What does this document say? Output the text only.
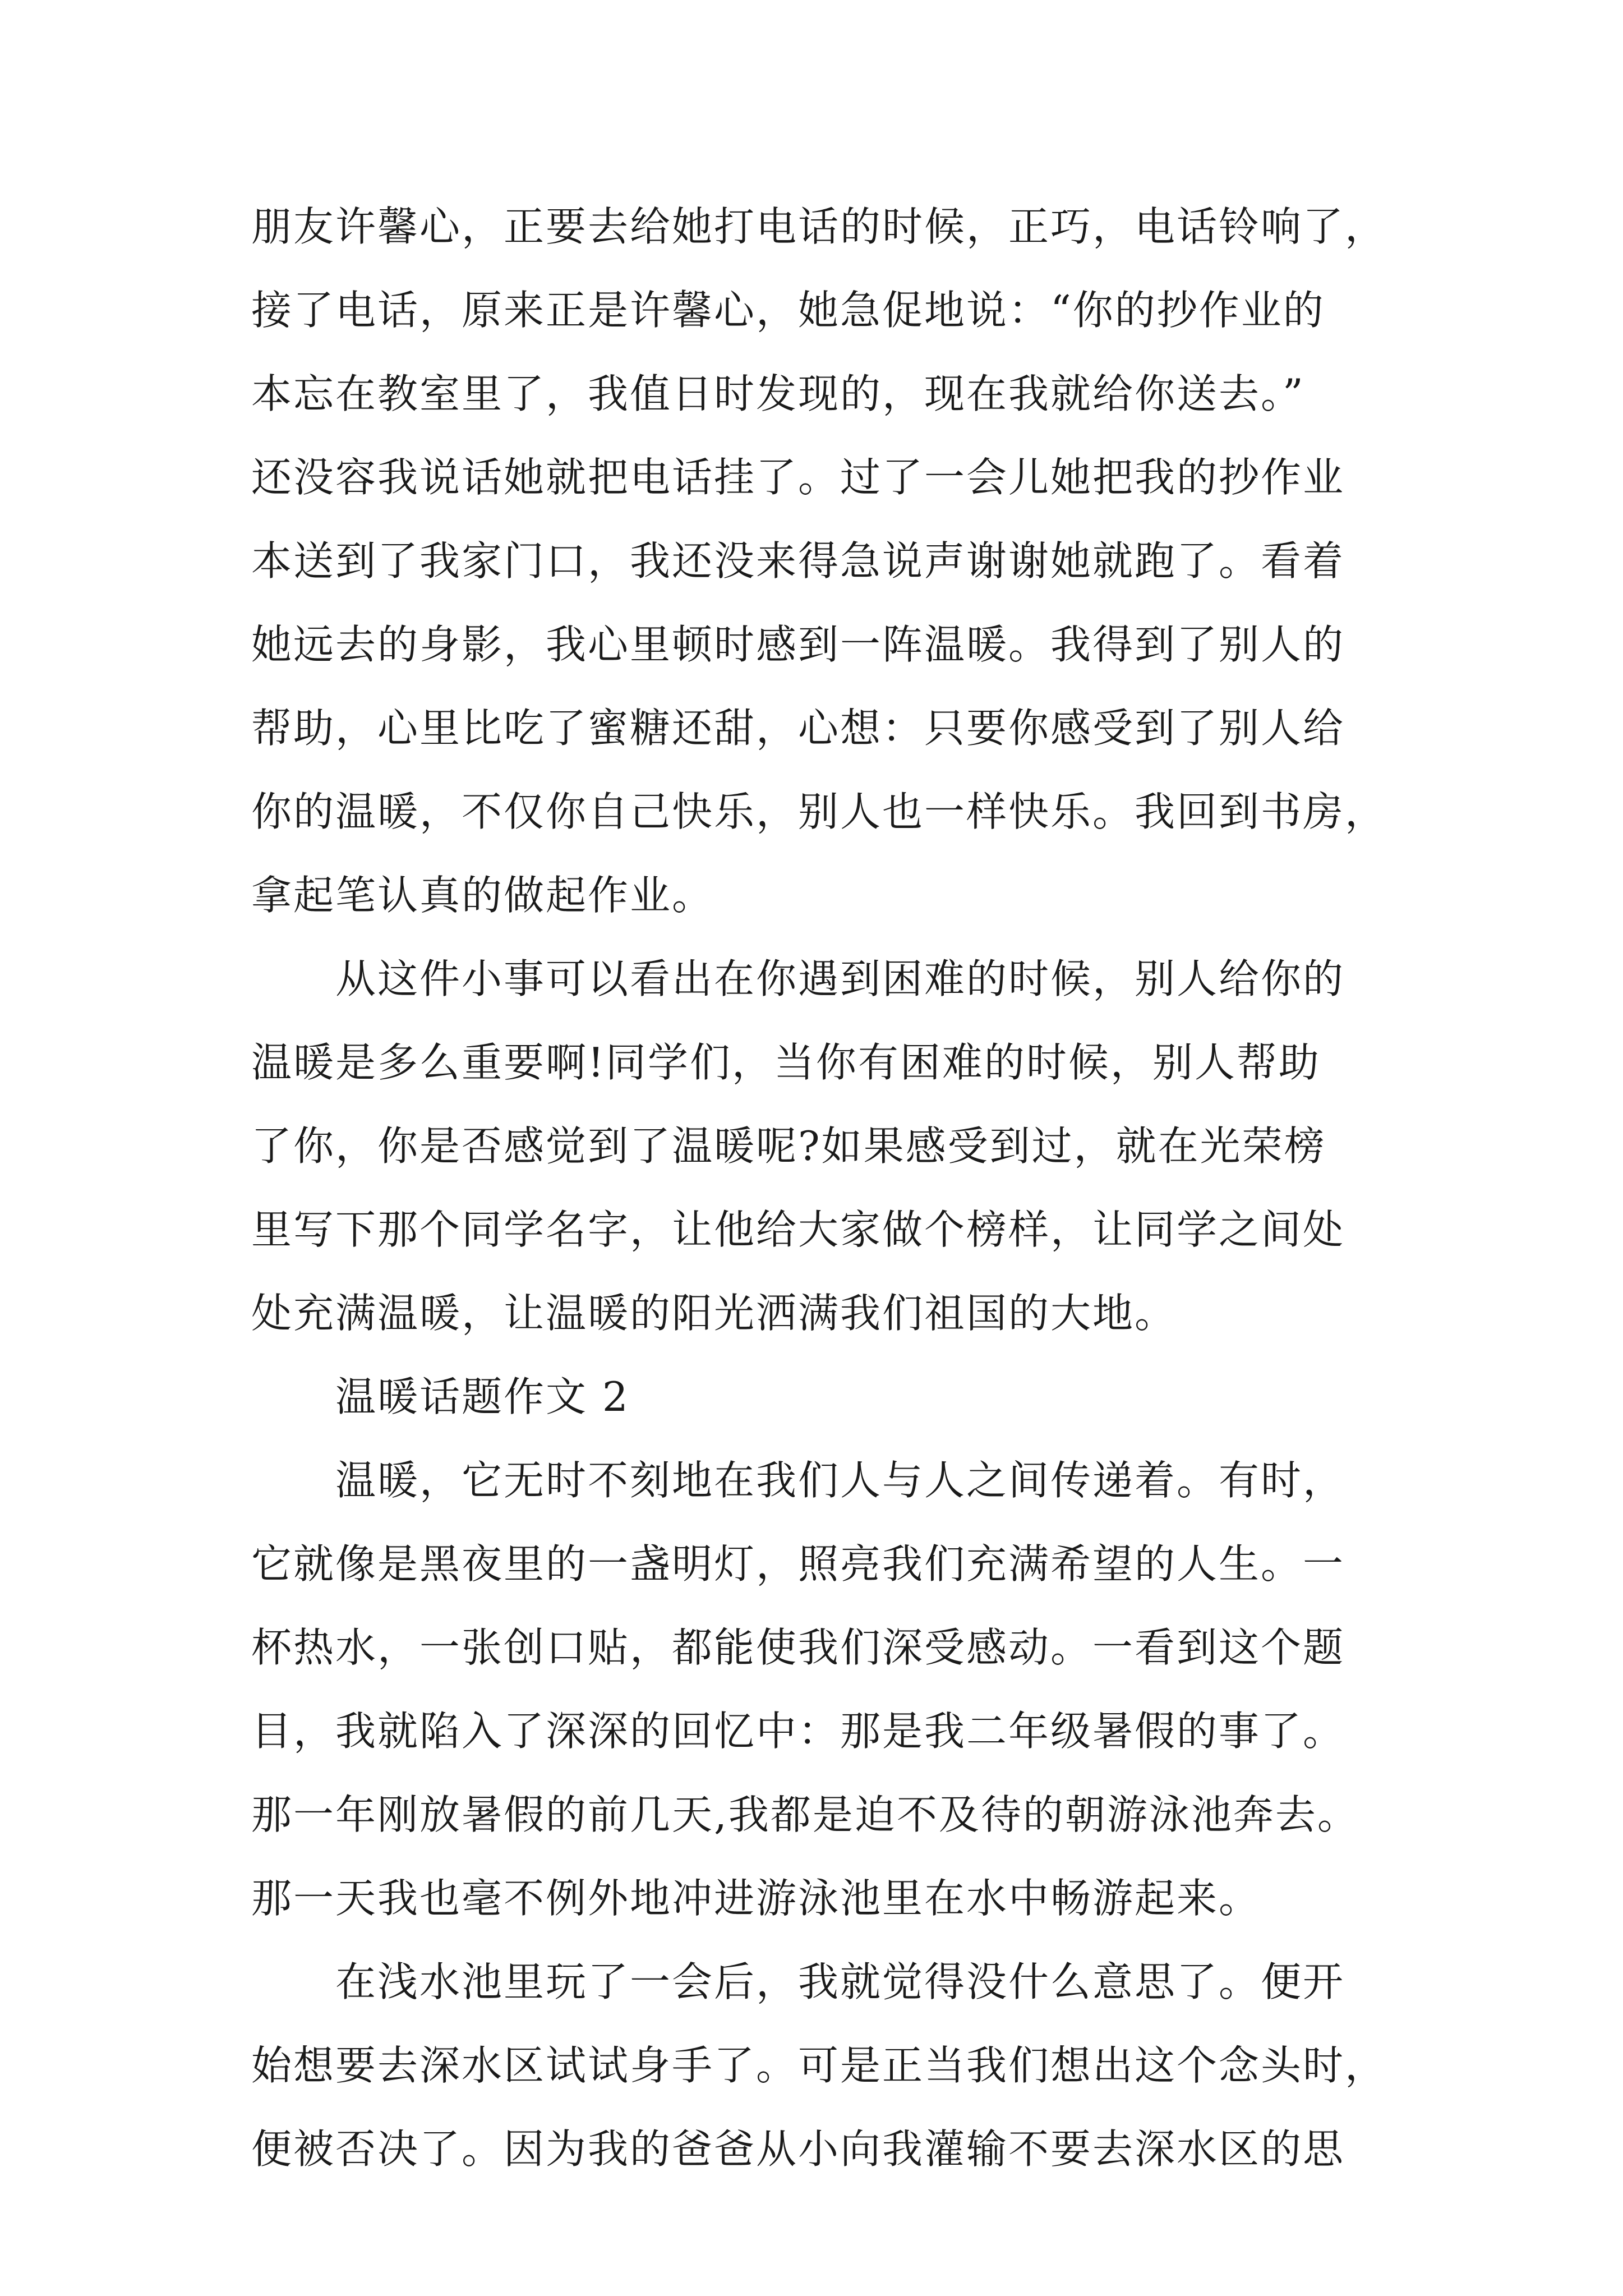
朋友许馨心，正要去给她打电话的时候，正巧，电话铃响了，
接了电话，原来正是许馨心，她急促地说：“你的抄作业的
本忘在教室里了，我值日时发现的，现在我就给你送去。”
还没容我说话她就把电话挂了。过了一会儿她把我的抄作业
本送到了我家门口，我还没来得急说声谢谢她就跑了。看着
她远去的身影，我心里顿时感到一阵温暖。我得到了别人的
帮助，心里比吃了蜜糖还甜，心想：只要你感受到了别人给
你的温暖，不仅你自己快乐，别人也一样快乐。我回到书房，
拿起笔认真的做起作业。
从这件小事可以看出在你遇到困难的时候，别人给你的
温暖是多么重要啊!同学们，当你有困难的时候，别人帮助
了你，你是否感觉到了温暖呢?如果感受到过，就在光荣榜
里写下那个同学名字，让他给大家做个榜样，让同学之间处
处充满温暖，让温暖的阳光洒满我们祖国的大地。
温暖话题作文 2
温暖，它无时不刻地在我们人与人之间传递着。有时，
它就像是黑夜里的一盏明灯，照亮我们充满希望的人生。一
杯热水，一张创口贴，都能使我们深受感动。一看到这个题
目，我就陷入了深深的回忆中：那是我二年级暑假的事了。
那一年刚放暑假的前几天,我都是迫不及待的朝游泳池奔去。
那一天我也毫不例外地冲进游泳池里在水中畅游起来。
在浅水池里玩了一会后，我就觉得没什么意思了。便开
始想要去深水区试试身手了。可是正当我们想出这个念头时，
便被否决了。因为我的爸爸从小向我灌输不要去深水区的思
